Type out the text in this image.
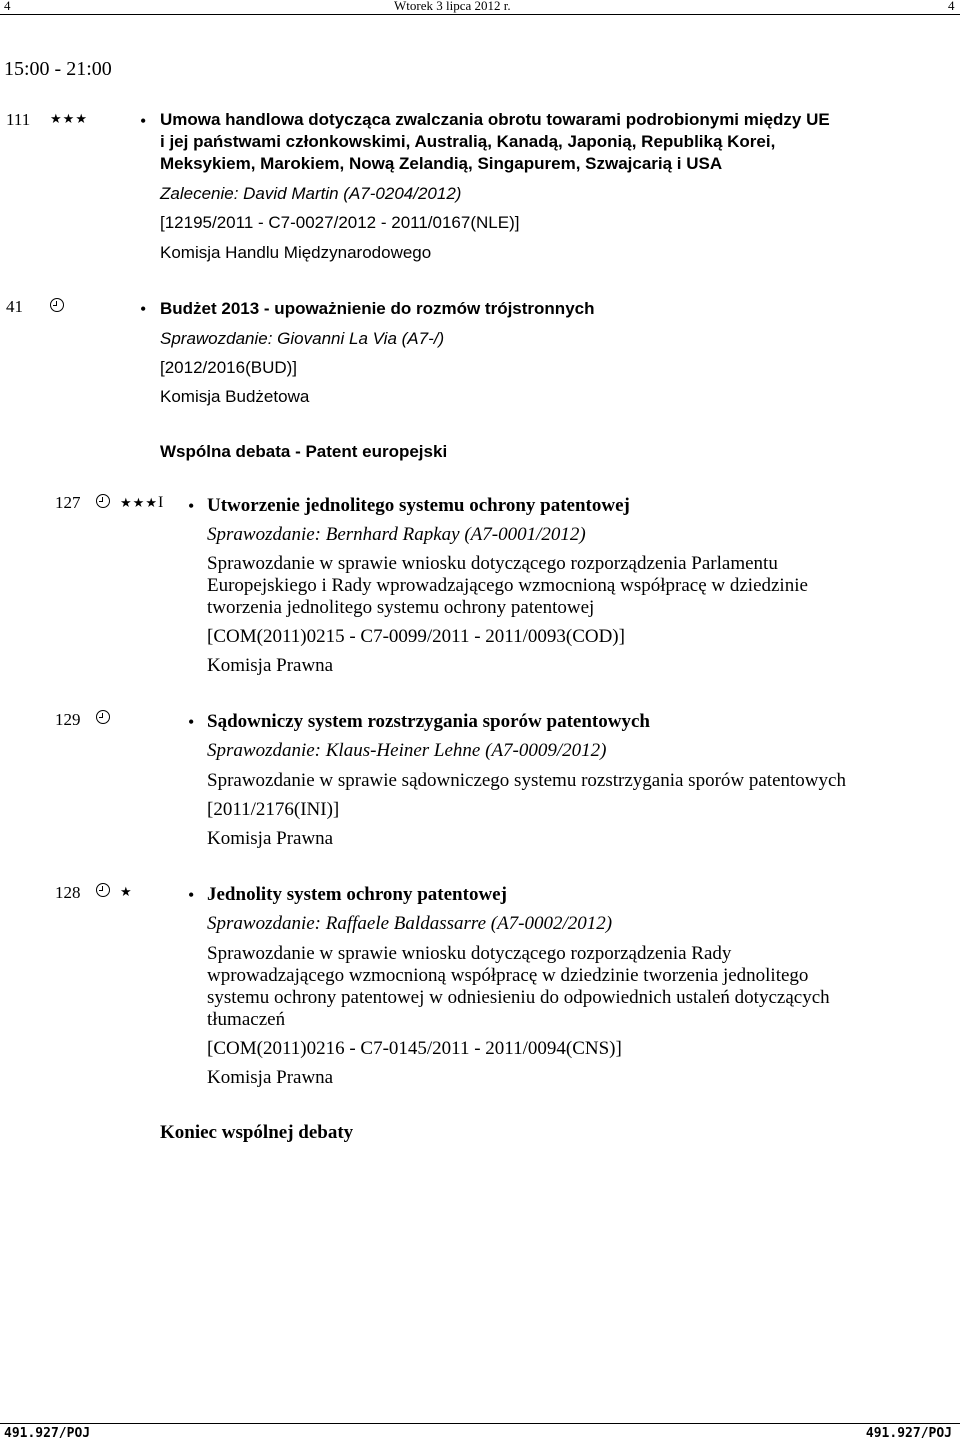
4	Wtorek 3 lipca 2012 r.	4
15:00 - 21:00
111 ★★★	• Umowa handlowa dotycząca zwalczania obrotu towarami podrobionymi między UE
i jej państwami członkowskimi, Australią, Kanadą, Japonią, Republiką Korei,
Meksykiem, Marokiem, Nową Zelandią, Singapurem, Szwajcarią i USA
Zalecenie: David Martin (A7-0204/2012)
[12195/2011 - C7-0027/2012 - 2011/0167(NLE)]
Komisja Handlu Międzynarodowego
41	• Budżet 2013 - upoważnienie do rozmów trójstronnych
Sprawozdanie: Giovanni La Via (A7-/)
[2012/2016(BUD)]
Komisja Budżetowa
Wspólna debata - Patent europejski
127	★★★I • Utworzenie jednolitego systemu ochrony patentowej
Sprawozdanie: Bernhard Rapkay (A7-0001/2012)
Sprawozdanie w sprawie wniosku dotyczącego rozporządzenia Parlamentu
Europejskiego i Rady wprowadzającego wzmocnioną współpracę w dziedzinie
tworzenia jednolitego systemu ochrony patentowej
[COM(2011)0215 - C7-0099/2011 - 2011/0093(COD)]
Komisja Prawna
129	• Sądowniczy system rozstrzygania sporów patentowych
Sprawozdanie: Klaus-Heiner Lehne (A7-0009/2012)
Sprawozdanie w sprawie sądowniczego systemu rozstrzygania sporów patentowych
[2011/2176(INI)]
Komisja Prawna
128	★	• Jednolity system ochrony patentowej
Sprawozdanie: Raffaele Baldassarre (A7-0002/2012)
Sprawozdanie w sprawie wniosku dotyczącego rozporządzenia Rady
wprowadzającego wzmocnioną współpracę w dziedzinie tworzenia jednolitego
systemu ochrony patentowej w odniesieniu do odpowiednich ustaleń dotyczących
tłumaczeń
[COM(2011)0216 - C7-0145/2011 - 2011/0094(CNS)]
Komisja Prawna
Koniec wspólnej debaty
491.927/POJ	491.927/POJ
